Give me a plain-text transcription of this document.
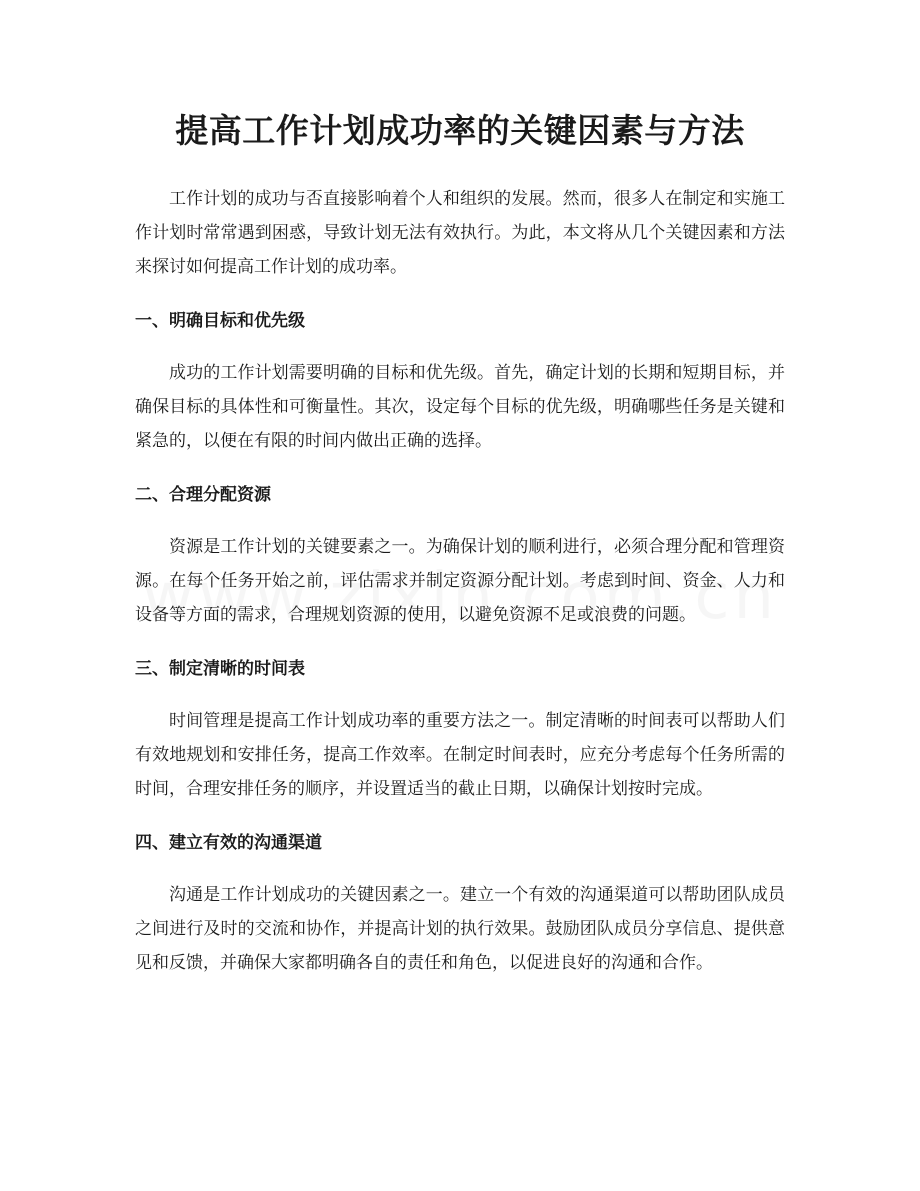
提高工作计划成功率的关键因素与方法

工作计划的成功与否直接影响着个人和组织的发展。然而，很多人在制定和实施工作计划时常常遇到困惑，导致计划无法有效执行。为此，本文将从几个关键因素和方法来探讨如何提高工作计划的成功率。

一、明确目标和优先级

成功的工作计划需要明确的目标和优先级。首先，确定计划的长期和短期目标，并确保目标的具体性和可衡量性。其次，设定每个目标的优先级，明确哪些任务是关键和紧急的，以便在有限的时间内做出正确的选择。

二、合理分配资源

资源是工作计划的关键要素之一。为确保计划的顺利进行，必须合理分配和管理资源。在每个任务开始之前，评估需求并制定资源分配计划。考虑到时间、资金、人力和设备等方面的需求，合理规划资源的使用，以避免资源不足或浪费的问题。

三、制定清晰的时间表

时间管理是提高工作计划成功率的重要方法之一。制定清晰的时间表可以帮助人们有效地规划和安排任务，提高工作效率。在制定时间表时，应充分考虑每个任务所需的时间，合理安排任务的顺序，并设置适当的截止日期，以确保计划按时完成。

四、建立有效的沟通渠道

沟通是工作计划成功的关键因素之一。建立一个有效的沟通渠道可以帮助团队成员之间进行及时的交流和协作，并提高计划的执行效果。鼓励团队成员分享信息、提供意见和反馈，并确保大家都明确各自的责任和角色，以促进良好的沟通和合作。
